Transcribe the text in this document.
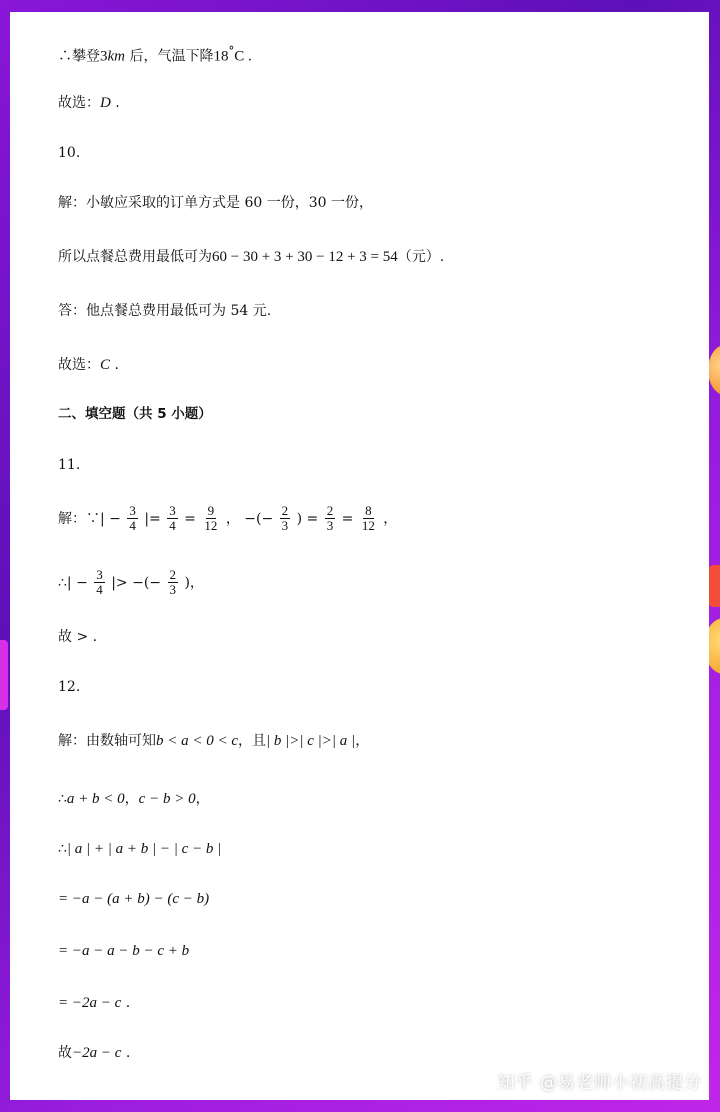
∴攀登3km 后，气温下降18°C .

故选：D .

10.

解：小敏应采取的订单方式是 60 一份，30 一份，

所以点餐总费用最低可为60 − 30 + 3 + 30 − 12 + 3 = 54（元）.

答：他点餐总费用最低可为 54 元.

故选：C .

二、填空题（共 5 小题）

11.

解：∵| − $\frac{3}{4}$ |= $\frac{3}{4} = \frac{9}{12}$ ， −(− $\frac{2}{3}$ ) = $\frac{2}{3} = \frac{8}{12}$ ，

∴| − $\frac{3}{4}$ |> −(− $\frac{2}{3}$ )，

故 > .

12.

解：由数轴可知b < a < 0 < c，且| b |>| c |>| a |，

∴a + b < 0，c − b > 0，

∴| a | + | a + b | − | c − b |

= −a − (a + b) − (c − b)

= −a − a − b − c + b

= −2a − c .

故−2a − c .

知乎 @易老师小初高提分
